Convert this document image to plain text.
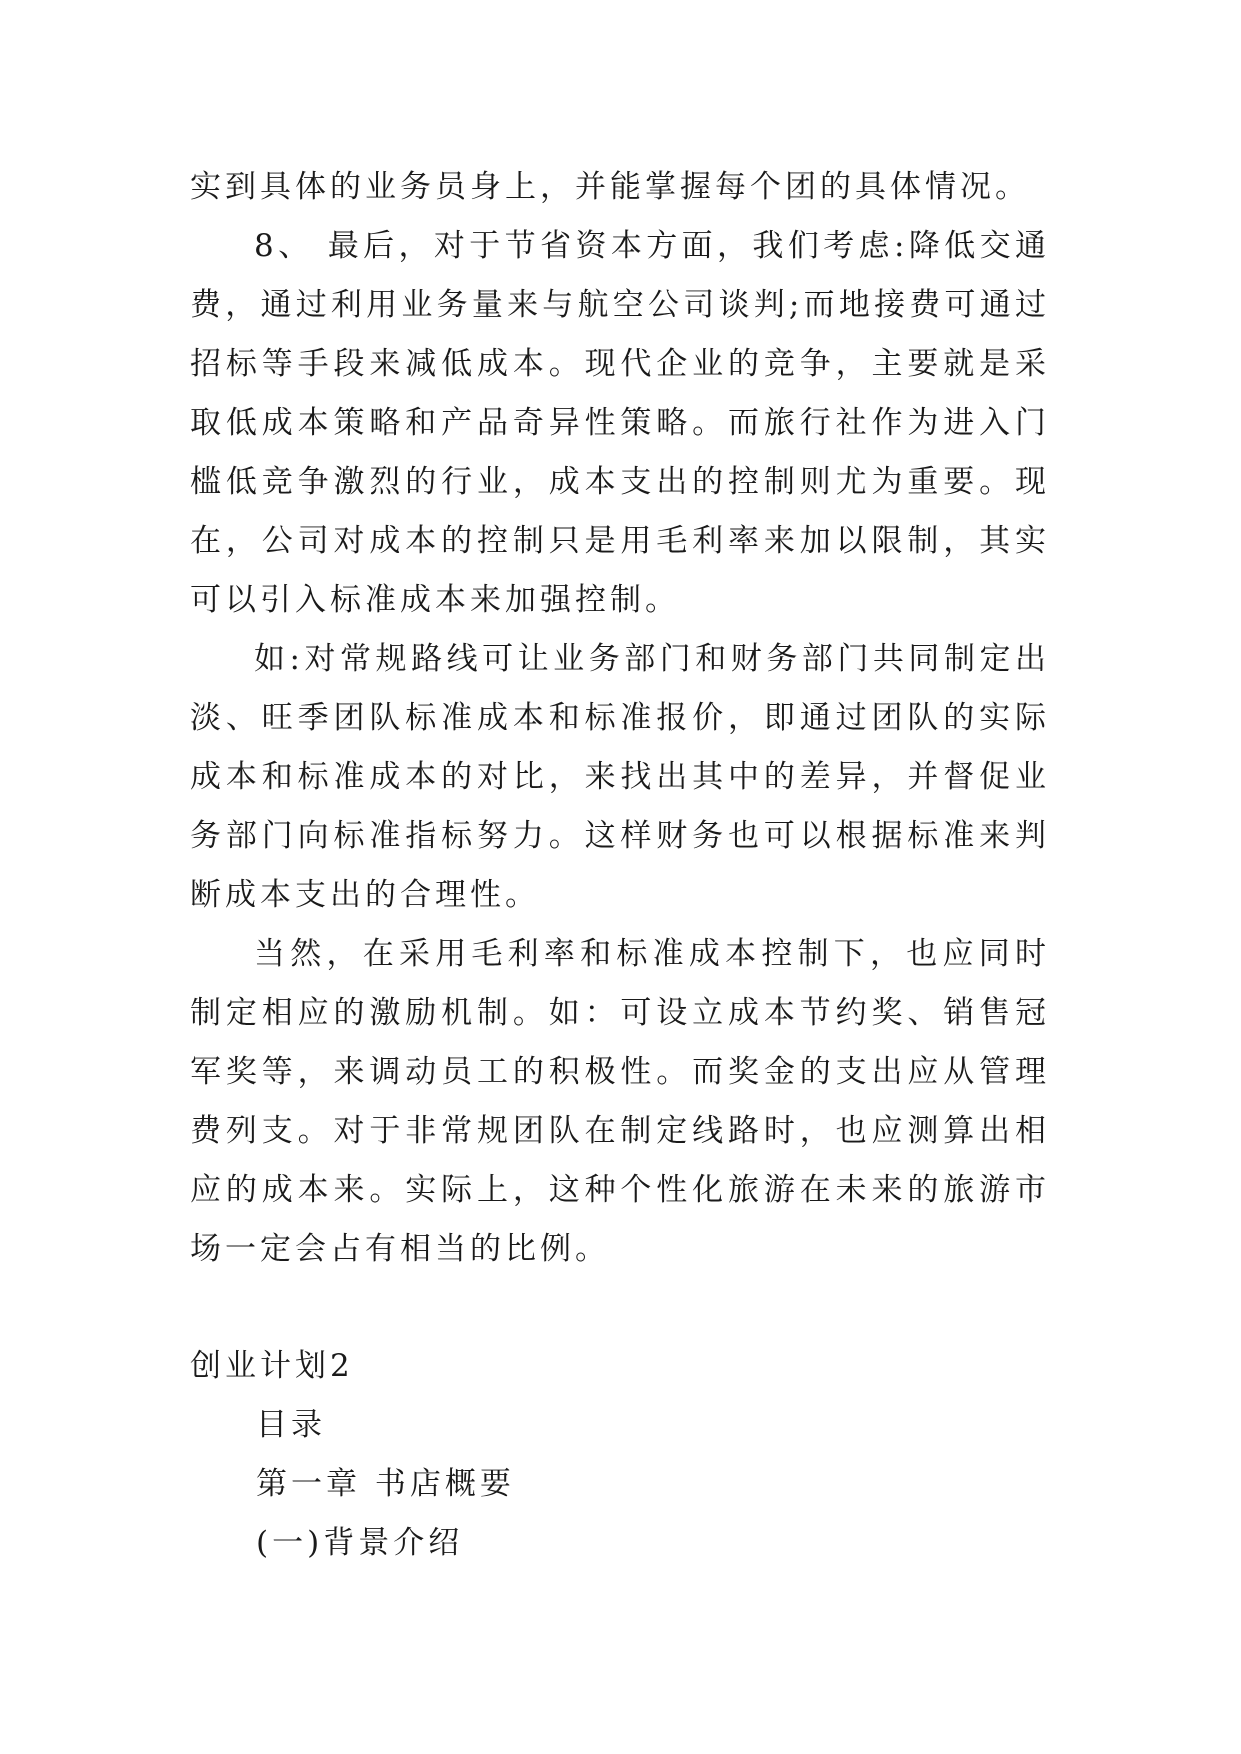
实到具体的业务员身上，并能掌握每个团的具体情况。

8、 最后，对于节省资本方面，我们考虑:降低交通费，通过利用业务量来与航空公司谈判;而地接费可通过招标等手段来减低成本。现代企业的竞争，主要就是采取低成本策略和产品奇异性策略。而旅行社作为进入门槛低竞争激烈的行业，成本支出的控制则尤为重要。现在，公司对成本的控制只是用毛利率来加以限制，其实可以引入标准成本来加强控制。

如:对常规路线可让业务部门和财务部门共同制定出淡、旺季团队标准成本和标准报价，即通过团队的实际成本和标准成本的对比，来找出其中的差异，并督促业务部门向标准指标努力。这样财务也可以根据标准来判断成本支出的合理性。

当然，在采用毛利率和标准成本控制下，也应同时制定相应的激励机制。如：可设立成本节约奖、销售冠军奖等，来调动员工的积极性。而奖金的支出应从管理费列支。对于非常规团队在制定线路时，也应测算出相应的成本来。实际上，这种个性化旅游在未来的旅游市场一定会占有相当的比例。

创业计划2

目录

第一章 书店概要

(一)背景介绍
